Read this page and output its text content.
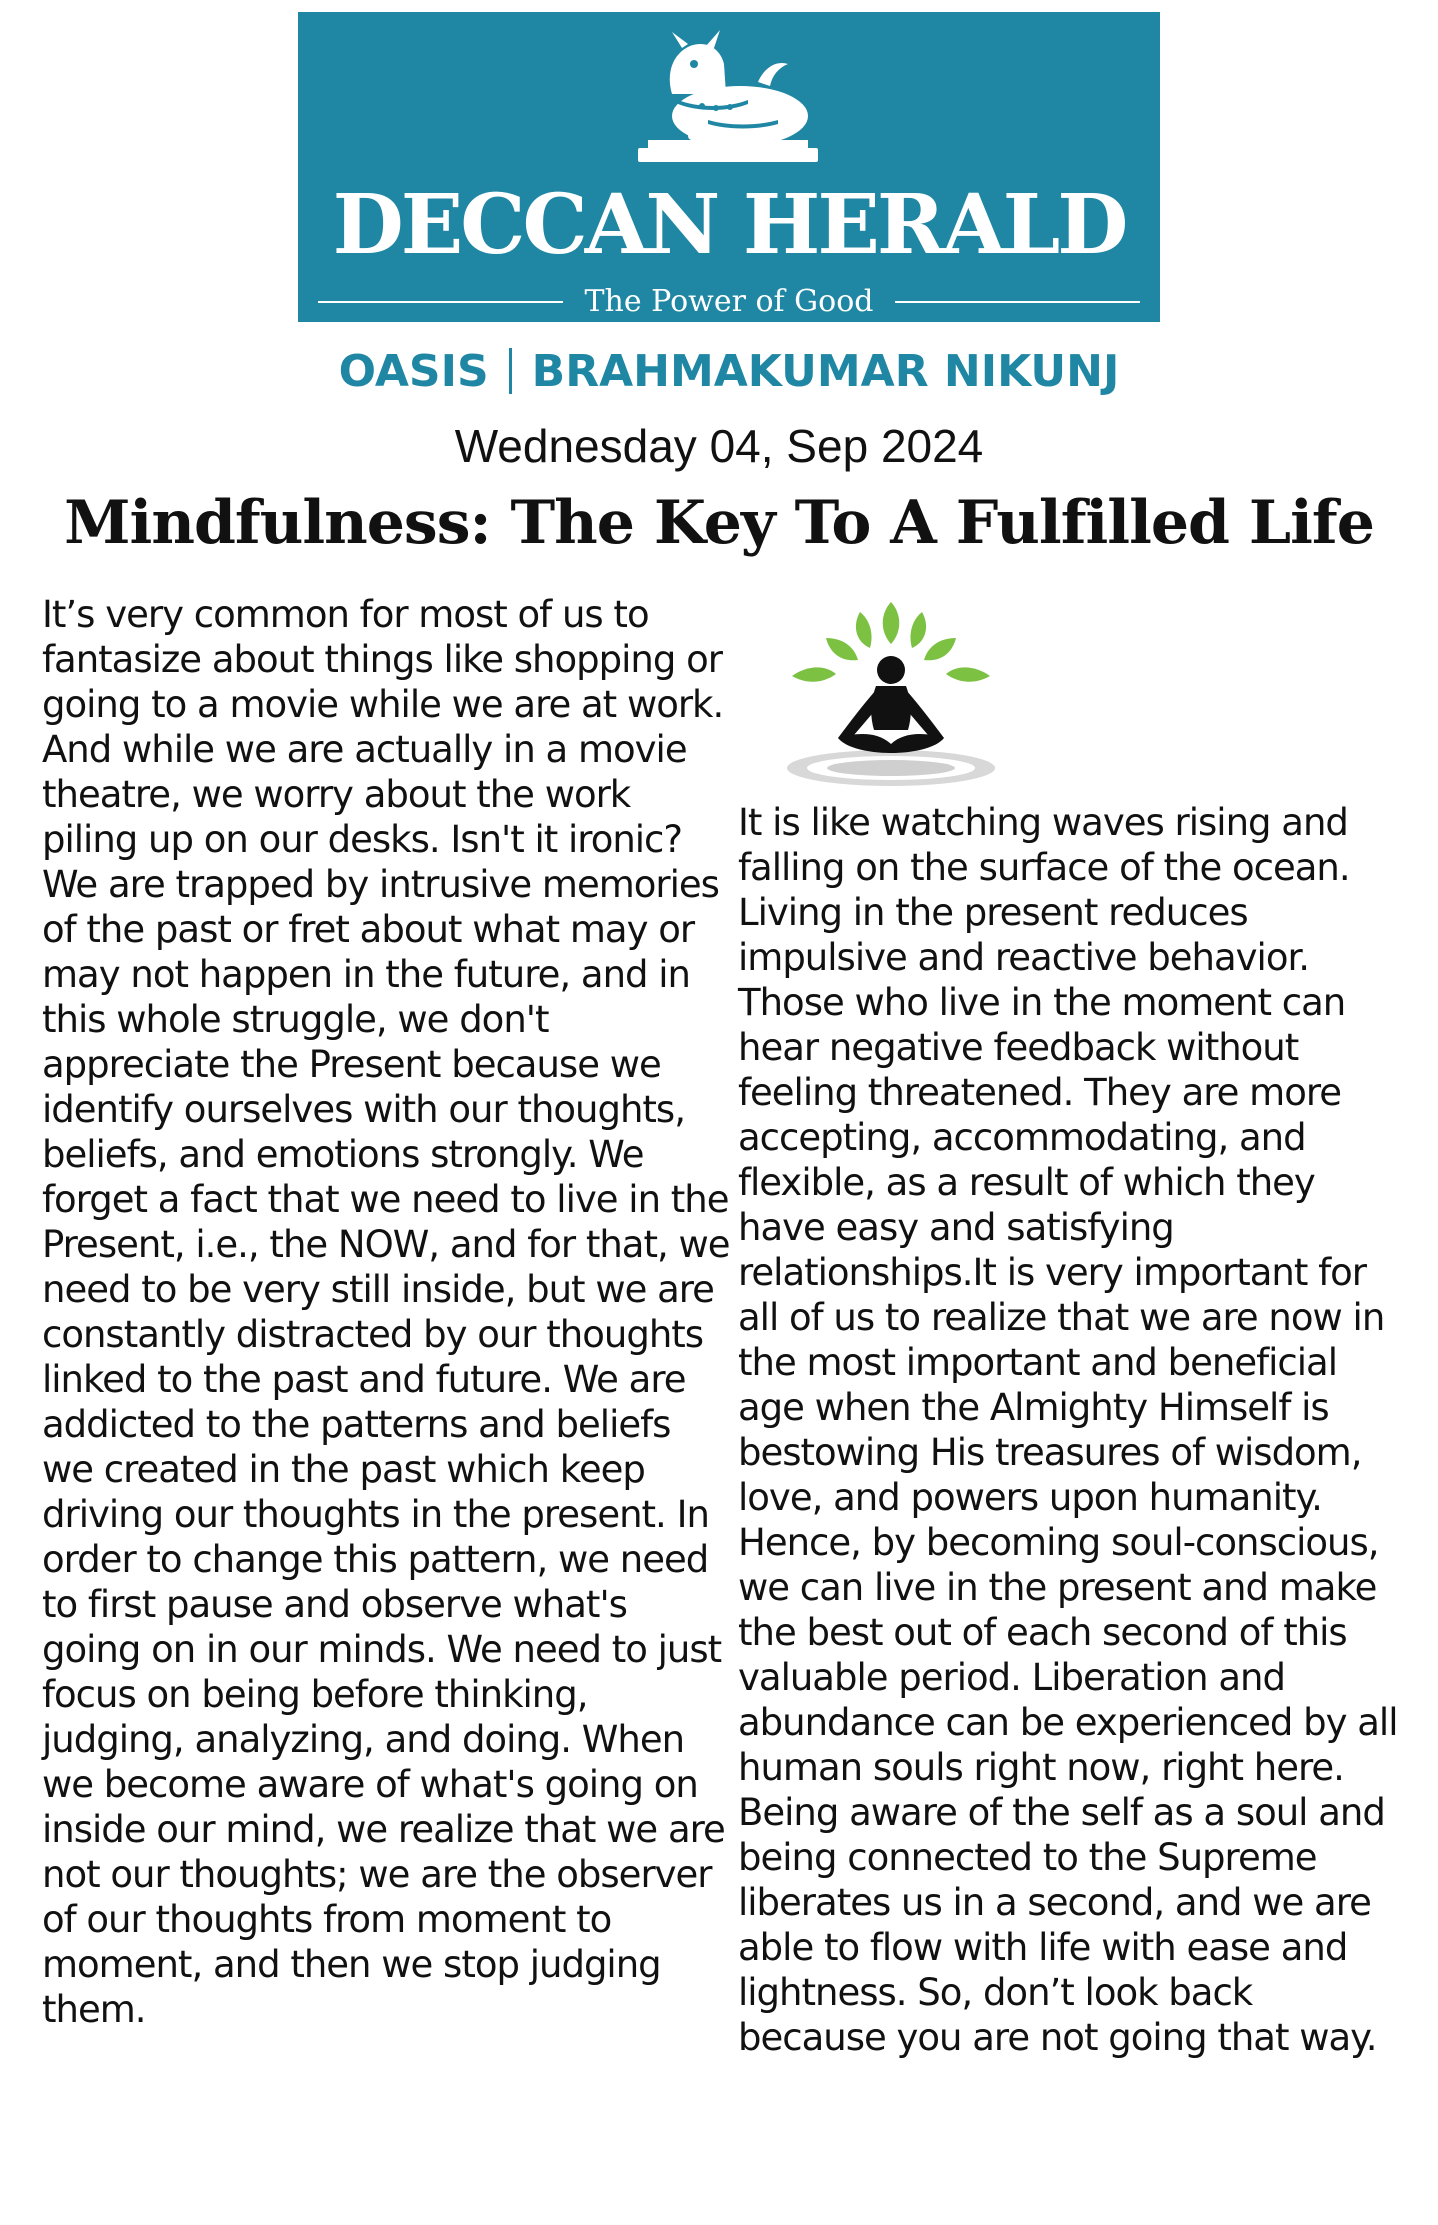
DECCAN HERALD
The Power of Good
OASIS BRAHMAKUMAR NIKUNJ
Wednesday 04, Sep 2024
Mindfulness: The Key To A Fulfilled Life
It’s very common for most of us to fantasize about things like shopping or going to a movie while we are at work. And while we are actually in a movie theatre, we worry about the work piling up on our desks. Isn't it ironic? We are trapped by intrusive memories of the past or fret about what may or may not happen in the future, and in this whole struggle, we don't appreciate the Present because we identify ourselves with our thoughts, beliefs, and emotions strongly. We forget a fact that we need to live in the Present, i.e., the NOW, and for that, we need to be very still inside, but we are constantly distracted by our thoughts linked to the past and future. We are addicted to the patterns and beliefs we created in the past which keep driving our thoughts in the present. In order to change this pattern, we need to first pause and observe what's going on in our minds. We need to just focus on being before thinking, judging, analyzing, and doing. When we become aware of what's going on inside our mind, we realize that we are not our thoughts; we are the observer of our thoughts from moment to moment, and then we stop judging them.
It is like watching waves rising and falling on the surface of the ocean. Living in the present reduces impulsive and reactive behavior. Those who live in the moment can hear negative feedback without feeling threatened. They are more accepting, accommodating, and flexible, as a result of which they have easy and satisfying relationships.It is very important for all of us to realize that we are now in the most important and beneficial age when the Almighty Himself is bestowing His treasures of wisdom, love, and powers upon humanity. Hence, by becoming soul-conscious, we can live in the present and make the best out of each second of this valuable period. Liberation and abundance can be experienced by all human souls right now, right here. Being aware of the self as a soul and being connected to the Supreme liberates us in a second, and we are able to flow with life with ease and lightness. So, don’t look back because you are not going that way.
